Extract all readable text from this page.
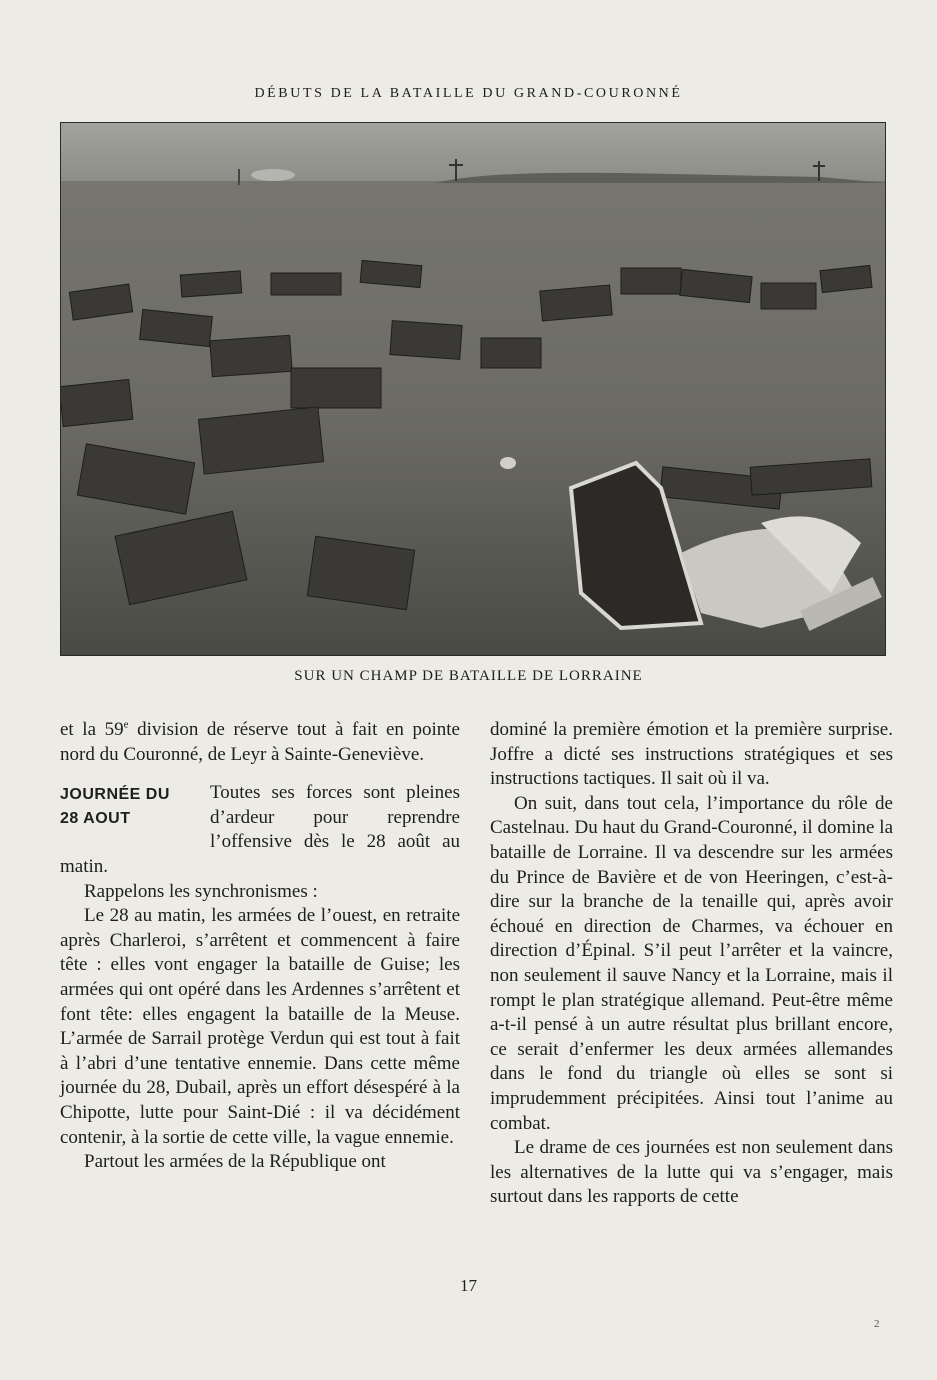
DÉBUTS DE LA BATAILLE DU GRAND-COURONNÉ
SUR UN CHAMP DE BATAILLE DE LORRAINE

et la 59e division de réserve tout à fait en pointe nord du Couronné, de Leyr à Sainte-Geneviève.

JOURNÉE DU
28 AOUT
Toutes ses forces sont pleines d’ardeur pour reprendre l’offensive dès le 28 août au matin.

Rappelons les synchronismes :

Le 28 au matin, les armées de l’ouest, en retraite après Charleroi, s’arrêtent et commencent à faire tête : elles vont engager la bataille de Guise; les armées qui ont opéré dans les Ardennes s’arrêtent et font tête: elles engagent la bataille de la Meuse. L’armée de Sarrail protège Verdun qui est tout à fait à l’abri d’une tentative ennemie. Dans cette même journée du 28, Dubail, après un effort désespéré à la Chipotte, lutte pour Saint-Dié : il va décidément contenir, à la sortie de cette ville, la vague ennemie.

Partout les armées de la République ont

dominé la première émotion et la première surprise. Joffre a dicté ses instructions stratégiques et ses instructions tactiques. Il sait où il va.

On suit, dans tout cela, l’importance du rôle de Castelnau. Du haut du Grand-Couronné, il domine la bataille de Lorraine. Il va descendre sur les armées du Prince de Bavière et de von Heeringen, c’est-à-dire sur la branche de la tenaille qui, après avoir échoué en direction de Charmes, va échouer en direction d’Épinal. S’il peut l’arrêter et la vaincre, non seulement il sauve Nancy et la Lorraine, mais il rompt le plan stratégique allemand. Peut-être même a-t-il pensé à un autre résultat plus brillant encore, ce serait d’enfermer les deux armées allemandes dans le fond du triangle où elles se sont si imprudemment précipitées. Ainsi tout l’anime au combat.

Le drame de ces journées est non seulement dans les alternatives de la lutte qui va s’engager, mais surtout dans les rapports de cette

17
2
